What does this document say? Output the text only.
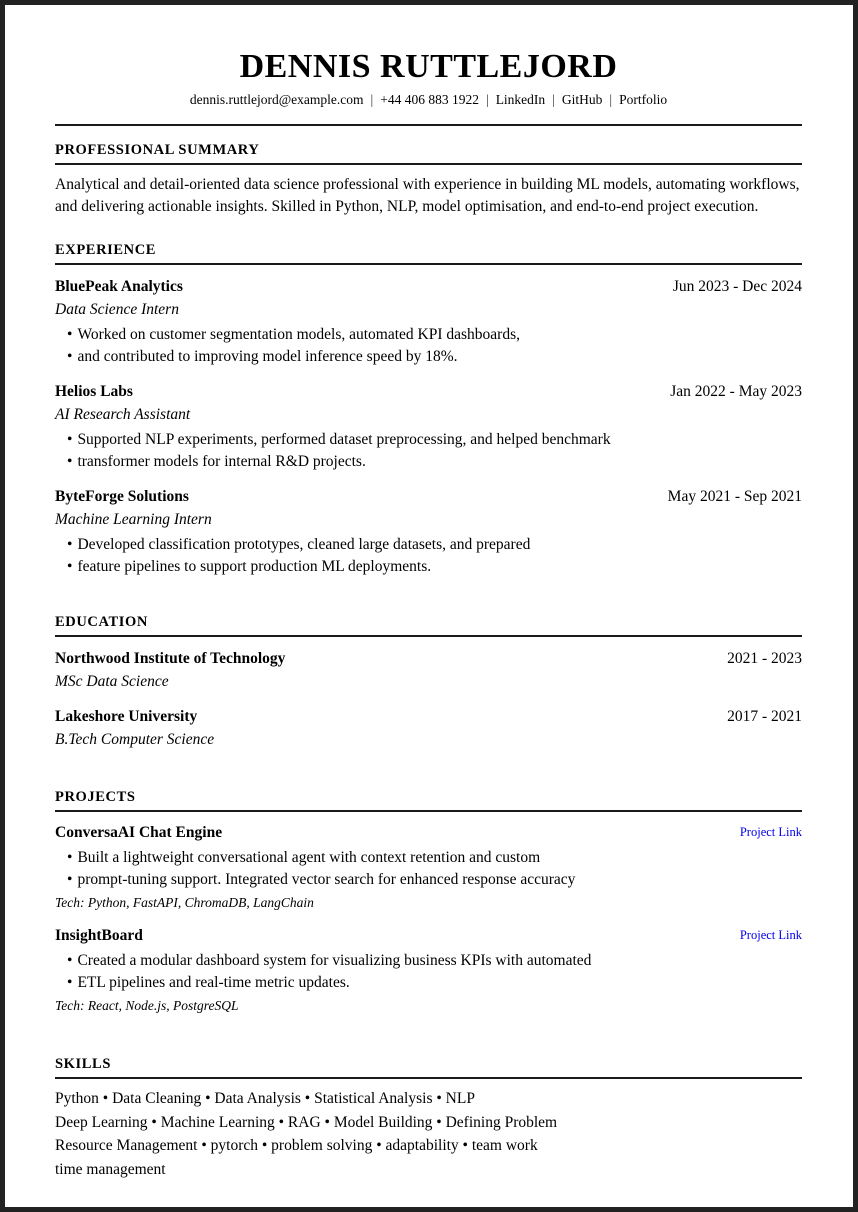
DENNIS RUTTLEJORD
dennis.ruttlejord@example.com | +44 406 883 1922 | LinkedIn | GitHub | Portfolio
PROFESSIONAL SUMMARY
Analytical and detail-oriented data science professional with experience in building ML models, automating workflows, and delivering actionable insights. Skilled in Python, NLP, model optimisation, and end-to-end project execution.
EXPERIENCE
BluePeak Analytics	Jun 2023 - Dec 2024
Data Science Intern
• Worked on customer segmentation models, automated KPI dashboards,
• and contributed to improving model inference speed by 18%.
Helios Labs	Jan 2022 - May 2023
AI Research Assistant
• Supported NLP experiments, performed dataset preprocessing, and helped benchmark
• transformer models for internal R&D projects.
ByteForge Solutions	May 2021 - Sep 2021
Machine Learning Intern
• Developed classification prototypes, cleaned large datasets, and prepared
• feature pipelines to support production ML deployments.
EDUCATION
Northwood Institute of Technology	2021 - 2023
MSc Data Science
Lakeshore University	2017 - 2021
B.Tech Computer Science
PROJECTS
ConversaAI Chat Engine	Project Link
• Built a lightweight conversational agent with context retention and custom
• prompt-tuning support. Integrated vector search for enhanced response accuracy
Tech: Python, FastAPI, ChromaDB, LangChain
InsightBoard	Project Link
• Created a modular dashboard system for visualizing business KPIs with automated
• ETL pipelines and real-time metric updates.
Tech: React, Node.js, PostgreSQL
SKILLS
Python • Data Cleaning • Data Analysis • Statistical Analysis • NLP
Deep Learning • Machine Learning • RAG • Model Building • Defining Problem
Resource Management • pytorch • problem solving • adaptability • team work
time management
